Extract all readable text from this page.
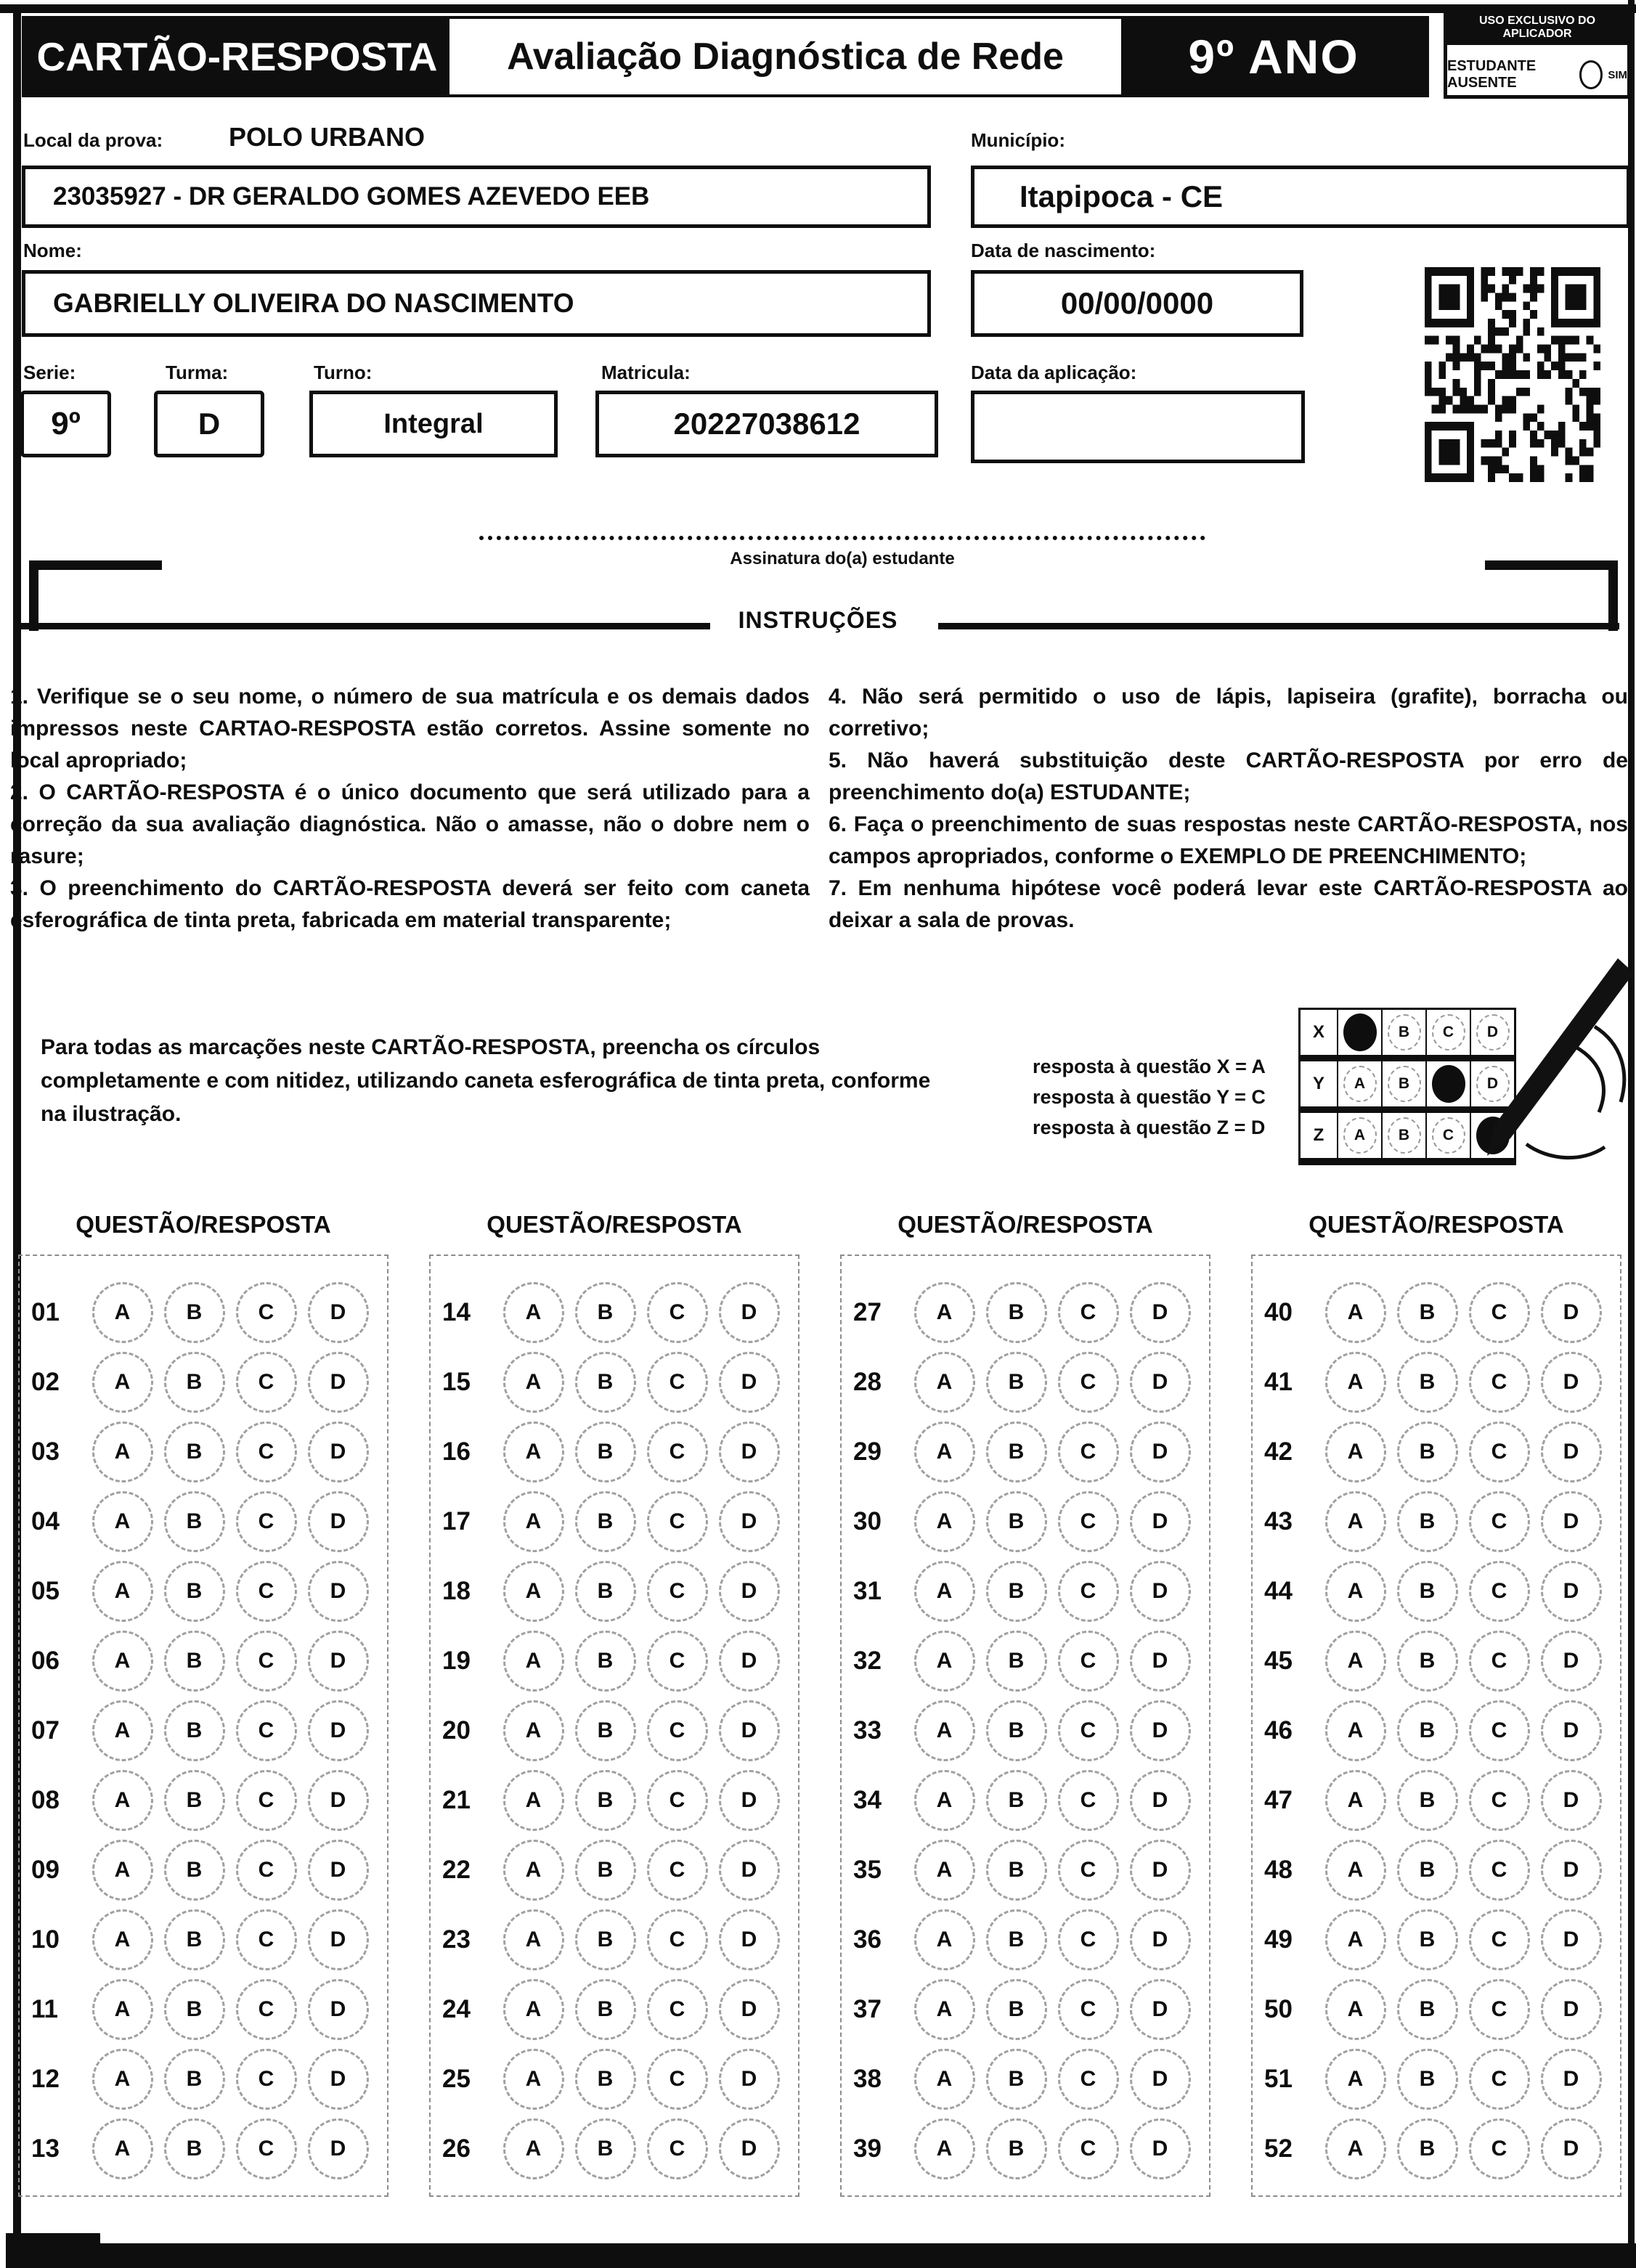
CARTÃO-RESPOSTA	Avaliação Diagnóstica de Rede	9º ANO
USO EXCLUSIVO DO APLICADOR
ESTUDANTE AUSENTE	SIM
Local da prova:	POLO URBANO
23035927 - DR GERALDO GOMES AZEVEDO EEB
Município:
Itapipoca - CE
Nome:
GABRIELLY OLIVEIRA DO NASCIMENTO
Data de nascimento:
00/00/0000
Serie:
9º
Turma:
D
Turno:
Integral
Matricula:
20227038612
Data da aplicação:
Assinatura do(a) estudante
INSTRUÇÕES

1. Verifique se o seu nome, o número de sua matrícula e os demais dados impressos neste CARTAO-RESPOSTA estão corretos. Assine somente no local apropriado;

2. O CARTÃO-RESPOSTA é o único documento que será utilizado para a correção da sua avaliação diagnóstica. Não o amasse, não o dobre nem o rasure;

3. O preenchimento do CARTÃO-RESPOSTA deverá ser feito com caneta esferográfica de tinta preta, fabricada em material transparente;

4. Não será permitido o uso de lápis, lapiseira (grafite), borracha ou corretivo;

5. Não haverá substituição deste CARTÃO-RESPOSTA por erro de preenchimento do(a) ESTUDANTE;

6. Faça o preenchimento de suas respostas neste CARTÃO-RESPOSTA, nos campos apropriados, conforme o EXEMPLO DE PREENCHIMENTO;

7. Em nenhuma hipótese você poderá levar este CARTÃO-RESPOSTA ao deixar a sala de provas.

Para todas as marcações neste CARTÃO-RESPOSTA, preencha os círculos completamente e com nitidez, utilizando caneta esferográfica de tinta preta, conforme na ilustração.

resposta à questão X = A

resposta à questão Y = C

resposta à questão Z = D

X	B	C	D
Y	A	B	D
Z	A	B	C
QUESTÃO/RESPOSTA
01	A	B	C	D
02	A	B	C	D
03	A	B	C	D
04	A	B	C	D
05	A	B	C	D
06	A	B	C	D
07	A	B	C	D
08	A	B	C	D
09	A	B	C	D
10	A	B	C	D
11	A	B	C	D
12	A	B	C	D
13	A	B	C	D
QUESTÃO/RESPOSTA
14	A	B	C	D
15	A	B	C	D
16	A	B	C	D
17	A	B	C	D
18	A	B	C	D
19	A	B	C	D
20	A	B	C	D
21	A	B	C	D
22	A	B	C	D
23	A	B	C	D
24	A	B	C	D
25	A	B	C	D
26	A	B	C	D
QUESTÃO/RESPOSTA
27	A	B	C	D
28	A	B	C	D
29	A	B	C	D
30	A	B	C	D
31	A	B	C	D
32	A	B	C	D
33	A	B	C	D
34	A	B	C	D
35	A	B	C	D
36	A	B	C	D
37	A	B	C	D
38	A	B	C	D
39	A	B	C	D
QUESTÃO/RESPOSTA
40	A	B	C	D
41	A	B	C	D
42	A	B	C	D
43	A	B	C	D
44	A	B	C	D
45	A	B	C	D
46	A	B	C	D
47	A	B	C	D
48	A	B	C	D
49	A	B	C	D
50	A	B	C	D
51	A	B	C	D
52	A	B	C	D
